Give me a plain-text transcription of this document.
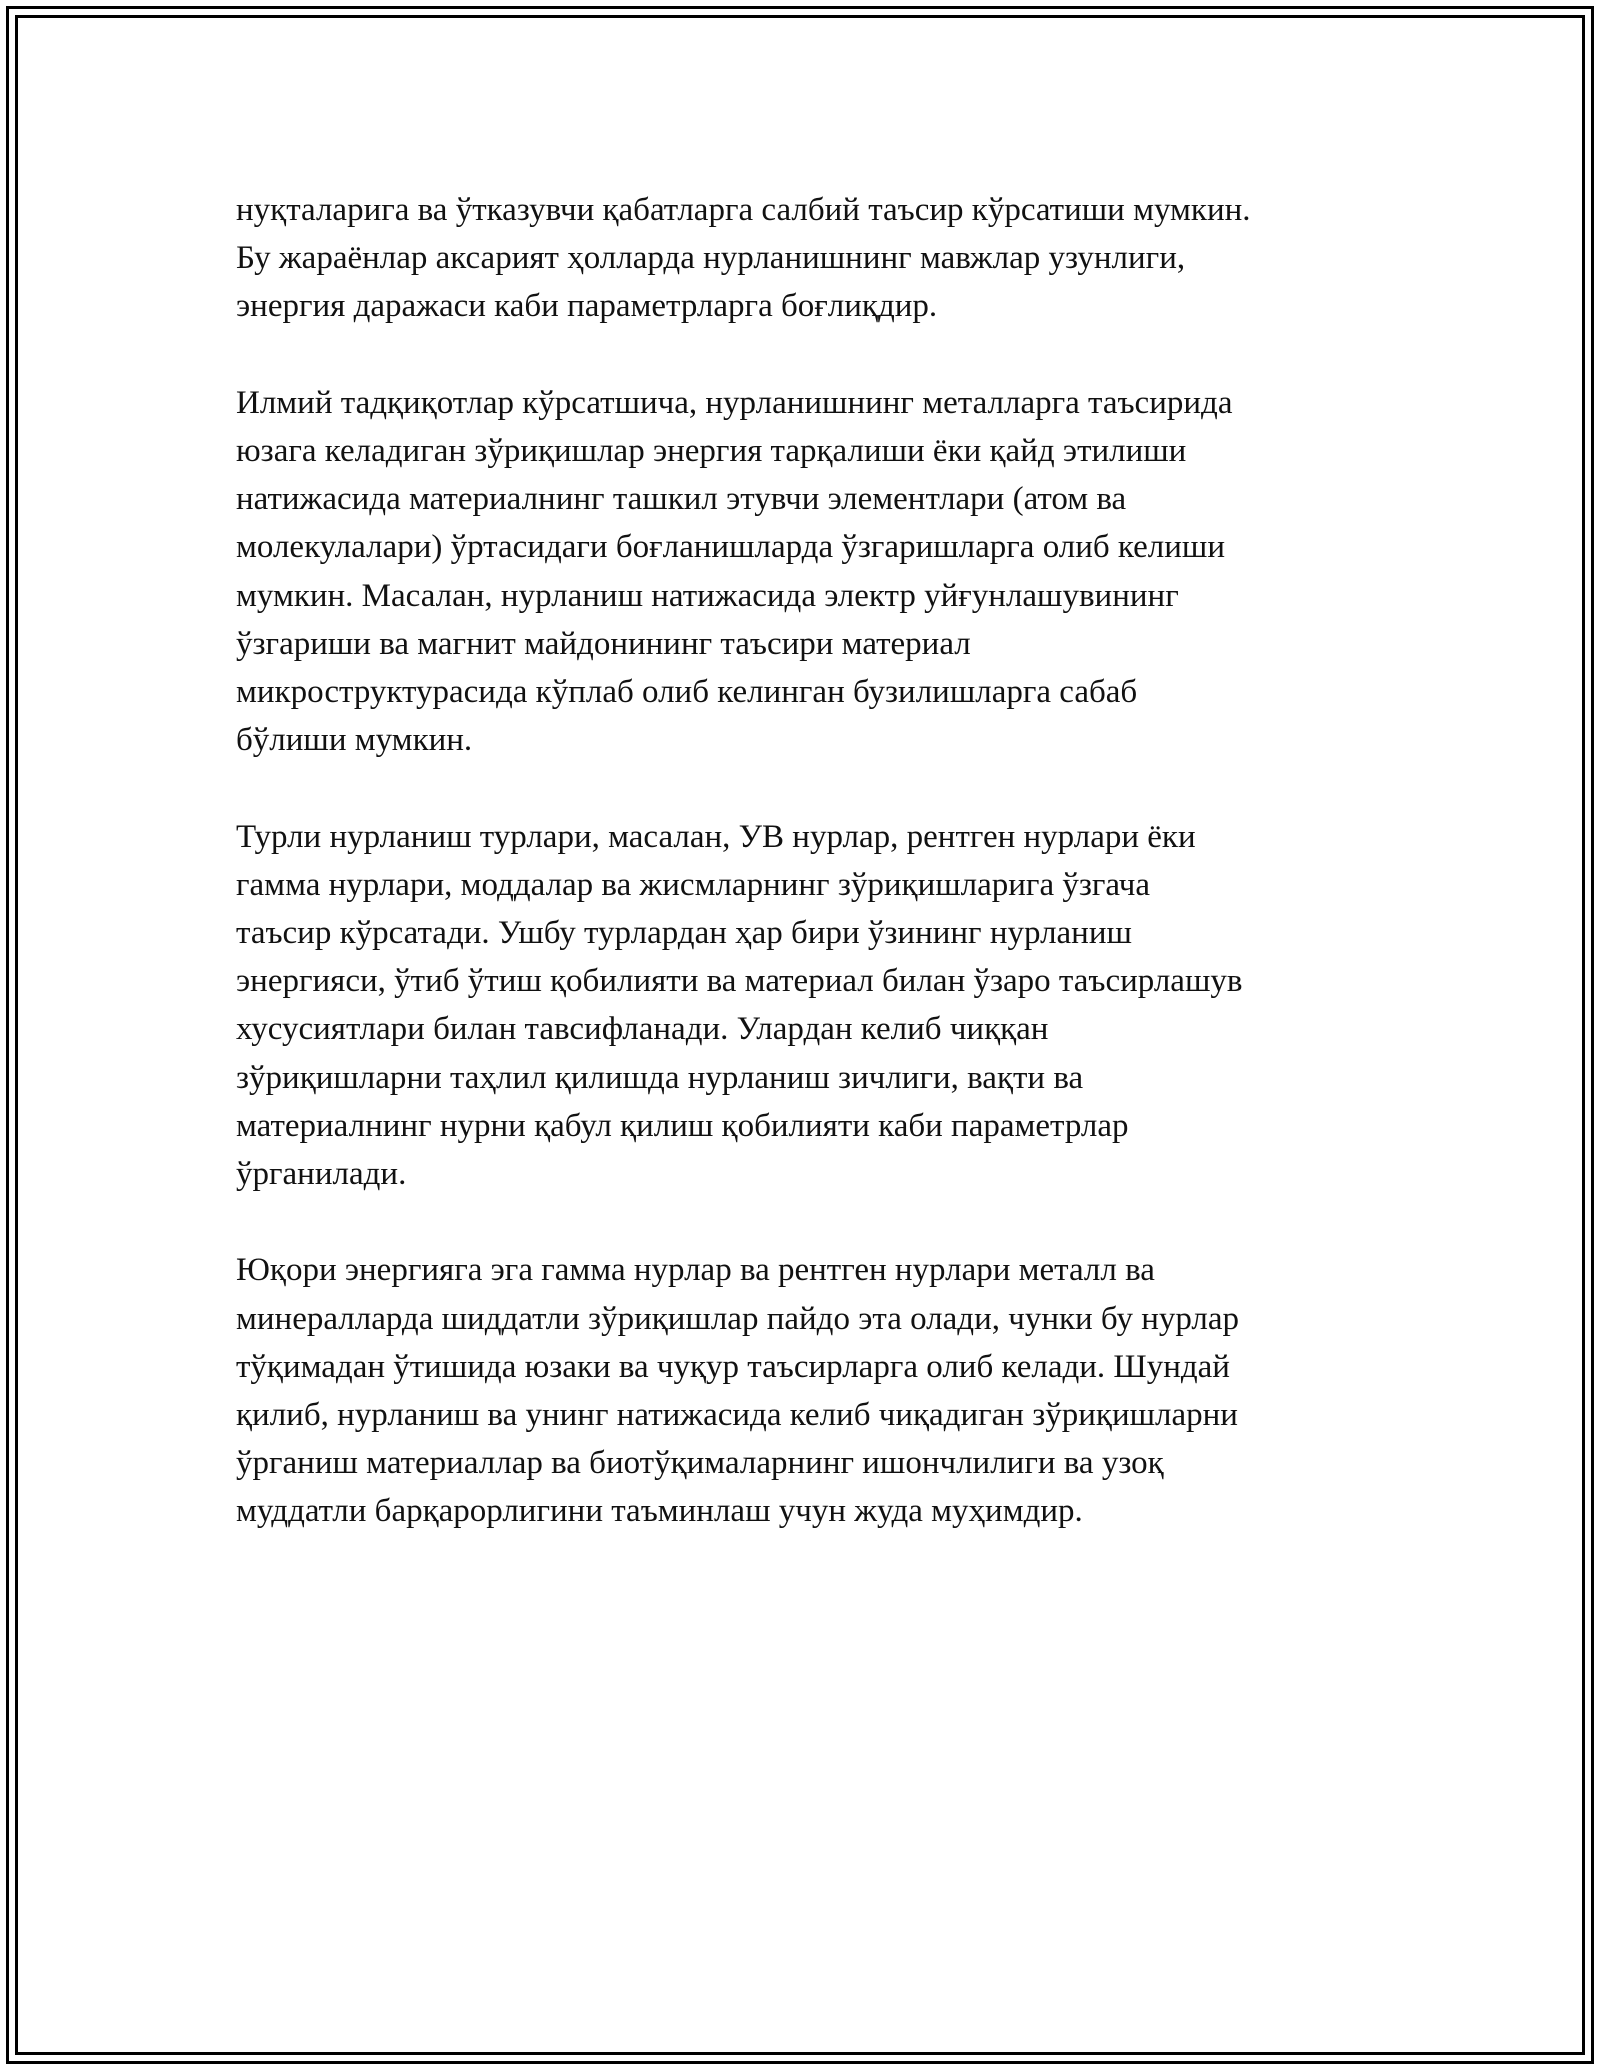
нуқталарига ва ўтказувчи қабатларга салбий таъсир кўрсатиши мумкин.
Бу жараёнлар аксарият ҳолларда нурланишнинг мавжлар узунлиги,
энергия даражаси каби параметрларга боғлиқдир.

Илмий тадқиқотлар кўрсатшича, нурланишнинг металларга таъсирида
юзага келадиган зўриқишлар энергия тарқалиши ёки қайд этилиши
натижасида материалнинг ташкил этувчи элементлари (атом ва
молекулалари) ўртасидаги боғланишларда ўзгаришларга олиб келиши
мумкин. Масалан, нурланиш натижасида электр уйғунлашувининг
ўзгариши ва магнит майдонининг таъсири материал
микроструктурасида кўплаб олиб келинган бузилишларга сабаб
бўлиши мумкин.

Турли нурланиш турлари, масалан, УВ нурлар, рентген нурлари ёки
гамма нурлари, моддалар ва жисмларнинг зўриқишларига ўзгача
таъсир кўрсатади. Ушбу турлардан ҳар бири ўзининг нурланиш
энергияси, ўтиб ўтиш қобилияти ва материал билан ўзаро таъсирлашув
хусусиятлари билан тавсифланади. Улардан келиб чиққан
зўриқишларни таҳлил қилишда нурланиш зичлиги, вақти ва
материалнинг нурни қабул қилиш қобилияти каби параметрлар
ўрганилади.

Юқори энергияга эга гамма нурлар ва рентген нурлари металл ва
минералларда шиддатли зўриқишлар пайдо эта олади, чунки бу нурлар
тўқимадан ўтишида юзаки ва чуқур таъсирларга олиб келади. Шундай
қилиб, нурланиш ва унинг натижасида келиб чиқадиган зўриқишларни
ўрганиш материаллар ва биотўқималарнинг ишончлилиги ва узоқ
муддатли барқарорлигини таъминлаш учун жуда муҳимдир.
